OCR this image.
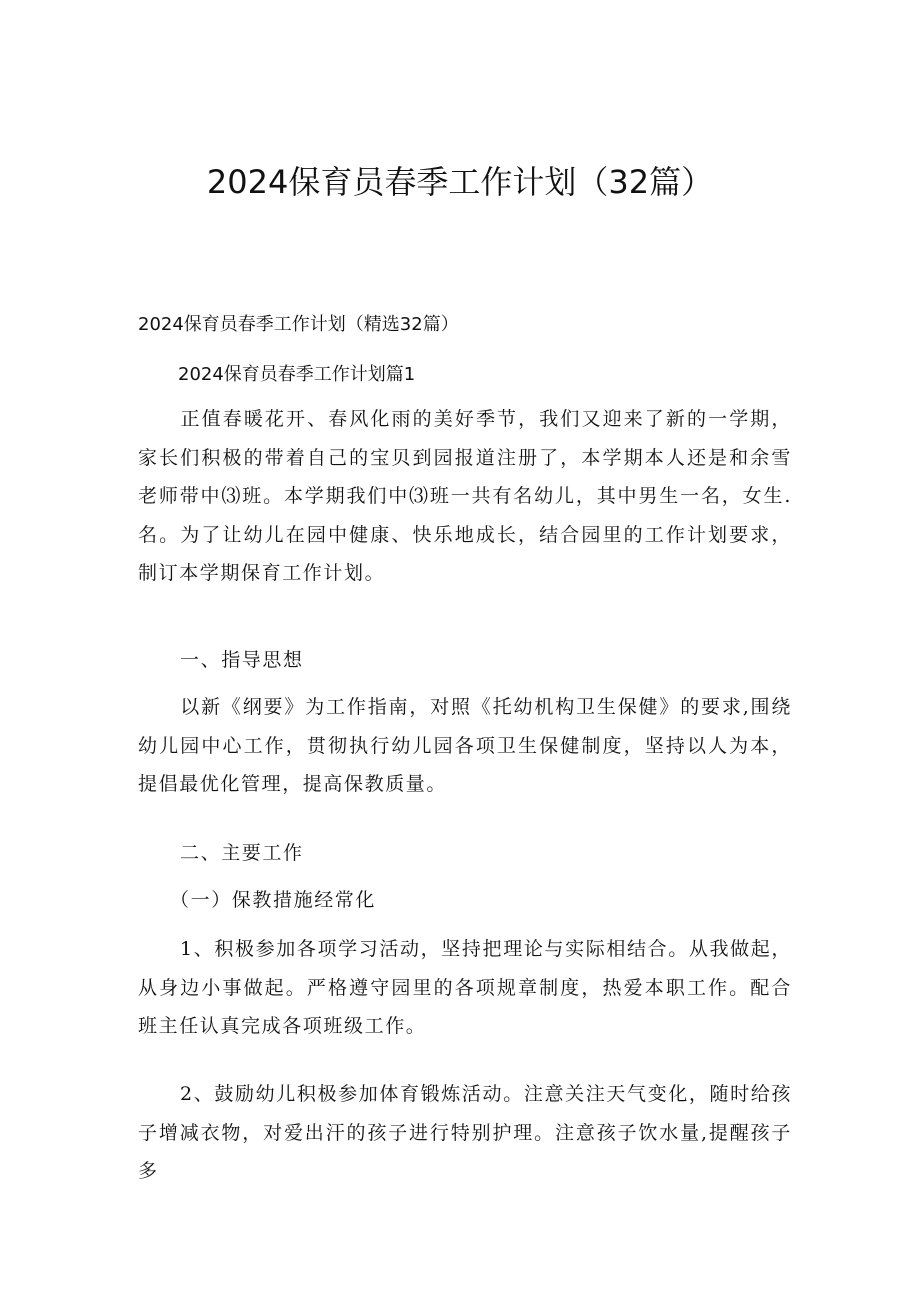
2024保育员春季工作计划（32篇）
2024保育员春季工作计划（精选32篇）
2024保育员春季工作计划篇1
正值春暖花开、春风化雨的美好季节，我们又迎来了新的一学期，家长们积极的带着自己的宝贝到园报道注册了，本学期本人还是和余雪老师带中⑶班。本学期我们中⑶班一共有名幼儿，其中男生一名，女生.名。为了让幼儿在园中健康、快乐地成长，结合园里的工作计划要求，制订本学期保育工作计划。
一、指导思想
以新《纲要》为工作指南，对照《托幼机构卫生保健》的要求,围绕幼儿园中心工作，贯彻执行幼儿园各项卫生保健制度，坚持以人为本，提倡最优化管理，提高保教质量。
二、主要工作
（一）保教措施经常化
1、积极参加各项学习活动，坚持把理论与实际相结合。从我做起，从身边小事做起。严格遵守园里的各项规章制度，热爱本职工作。配合班主任认真完成各项班级工作。
2、鼓励幼儿积极参加体育锻炼活动。注意关注天气变化，随时给孩子增减衣物，对爱出汗的孩子进行特别护理。注意孩子饮水量,提醒孩子多
